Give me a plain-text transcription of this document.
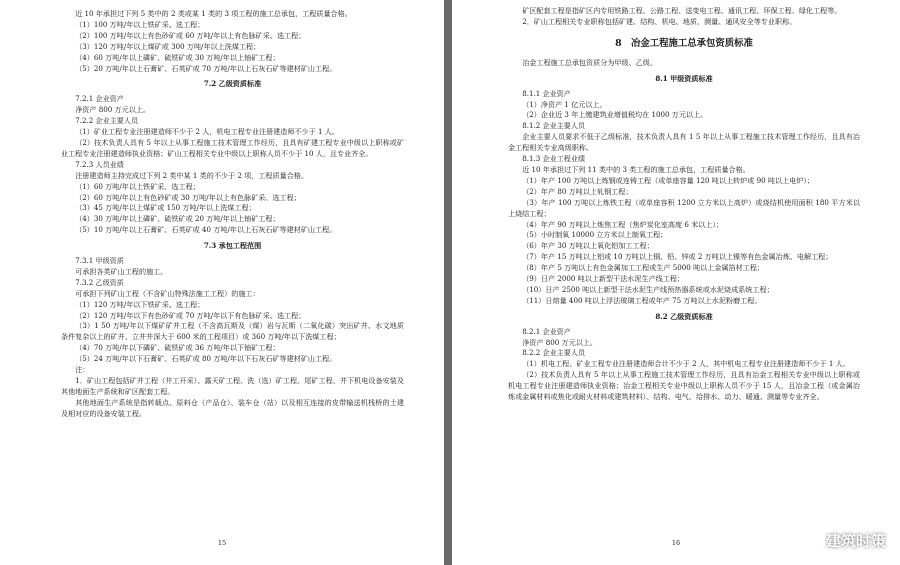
近 10 年承担过下列 5 类中的 2 类或某 1 类的 3 项工程的施工总承包，工程质量合格。

（1）100 万吨/年以上铁矿采、选工程；

（2）100 万吨/年以上有色砂矿或 60 万吨/年以上有色脉矿采、选工程；

（3）120 万吨/年以上煤矿或 300 万吨/年以上洗煤工程；

（4）60 万吨/年以上磷矿、硫铁矿或 30 万吨/年以上铀矿工程；

（5）20 万吨/年以上石膏矿、石英矿或 70 万吨/年以上石灰石矿等建材矿山工程。

7.2 乙级资质标准

7.2.1 企业资产

净资产 800 万元以上。

7.2.2 企业主要人员

（1）矿业工程专业注册建造师不少于 2 人，机电工程专业注册建造师不少于 1 人。

（2）技术负责人具有 5 年以上从事工程施工技术管理工作经历，且具有矿建工程专业中级以上职称或矿业工程专业注册建造师执业资格；矿山工程相关专业中级以上职称人员不少于 10 人，且专业齐全。

7.2.3 人员业绩

注册建造师主持完成过下列 2 类中某 1 类的不少于 2 项，工程质量合格。

（1）60 万吨/年以上铁矿采、选工程；

（2）60 万吨/年以上有色砂矿或 30 万吨/年以上有色脉矿采、选工程；

（3）45 万吨/年以上煤矿或 150 万吨/年以上洗煤工程；

（4）30 万吨/年以上磷矿、硫铁矿或 20 万吨/年以上铀矿工程；

（5）10 万吨/年以上石膏矿、石英矿或 40 万吨/年以上石灰石矿等建材矿山工程。

7.3 承包工程范围

7.3.1 甲级资质

可承担各类矿山工程的施工。

7.3.2 乙级资质

可承担下列矿山工程（不含矿山特殊法施工工程）的施工：

（1）120 万吨/年以下铁矿采、选工程；

（2）120 万吨/年以下有色砂矿或 70 万吨/年以下有色脉矿采、选工程；

（3）1 50 万吨/年以下煤矿矿井工程（不含高瓦斯及（煤）岩与瓦斯（二氧化碳）突出矿井、水文地质条件复杂以上的矿井、立井井深大于 600 米的工程项目）或 360 万吨/年以下洗煤工程；

（4）70 万吨/年以下磷矿、硫铁矿或 36 万吨/年以下铀矿工程；

（5）24 万吨/年以下石膏矿、石英矿或 80 万吨/年以下石灰石矿等建材矿山工程。

注：

1．矿山工程包括矿井工程（井工开采）、露天矿工程、洗（选）矿工程、尾矿工程、井下机电设备安装及其他地面生产系统和矿区配套工程。

其他地面生产系统是指转载点、原料仓（产品仓）、装车仓（站）以及相互连接的皮带输送机栈桥的土建及相对应的设备安装工程。

15

矿区配套工程是指矿区内专用铁路工程、公路工程、送变电工程、通讯工程、环保工程、绿化工程等。

2．矿山工程相关专业职称包括矿建、结构、机电、地质、测量、通风安全等专业职称。

8　冶金工程施工总承包资质标准

冶金工程施工总承包资质分为甲级、乙级。

8.1 甲级资质标准

8.1.1 企业资产

（1）净资产 1 亿元以上。

（2）企业近 3 年上缴建筑业增值税均在 1000 万元以上。

8.1.2 企业主要人员

企业主要人员要求不低于乙级标准，技术负责人具有 1 5 年以上从事工程施工技术管理工作经历，且具有冶金工程相关专业高级职称。

8.1.3 企业工程业绩

近 10 年承担过下列 11 类中的 3 类工程的施工总承包，工程质量合格。

（1）年产 100 万吨以上炼钢或连铸工程（或单座容量 120 吨以上转炉或 90 吨以上电炉）；

（2）年产 80 万吨以上轧钢工程；

（3）年产 100 万吨以上炼铁工程（或单座容积 1200 立方米以上高炉）或烧结机使用面积 180 平方米以上烧结工程；

（4）年产 90 万吨以上炼焦工程（焦炉炭化室高度 6 米以上）；

（5）小时制氧 10000 立方米以上制氧工程；

（6）年产 30 万吨以上氧化铝加工工程；

（7）年产 15 万吨以上铝或 10 万吨以上铜、铅、锌或 2 万吨以上镍等有色金属冶炼、电解工程；

（8）年产 5 万吨以上有色金属加工工程或生产 5000 吨以上金属箔材工程；

（9）日产 2000 吨以上新型干法水泥生产线工程；

（10）日产 2500 吨以上新型干法水泥生产线预热器系统或水泥烧成系统工程；

（11）日熔量 400 吨以上浮法玻璃工程或年产 75 万吨以上水泥粉磨工程。

8.2 乙级资质标准

8.2.1 企业资产

净资产 800 万元以上。

8.2.2 企业主要人员

（1）机电工程、矿业工程专业注册建造师合计不少于 2 人，其中机电工程专业注册建造师不少于 1 人。

（2）技术负责人具有 5 年以上从事工程施工技术管理工作经历，且具有冶金工程相关专业中级以上职称或机电工程专业注册建造师执业资格；冶金工程相关专业中级以上职称人员不少于 15 人，且冶金工程（或金属冶炼或金属材料或焦化或耐火材料或建筑材料）、结构、电气、给排水、动力、暖通、测量等专业齐全。

16	建筑时策
